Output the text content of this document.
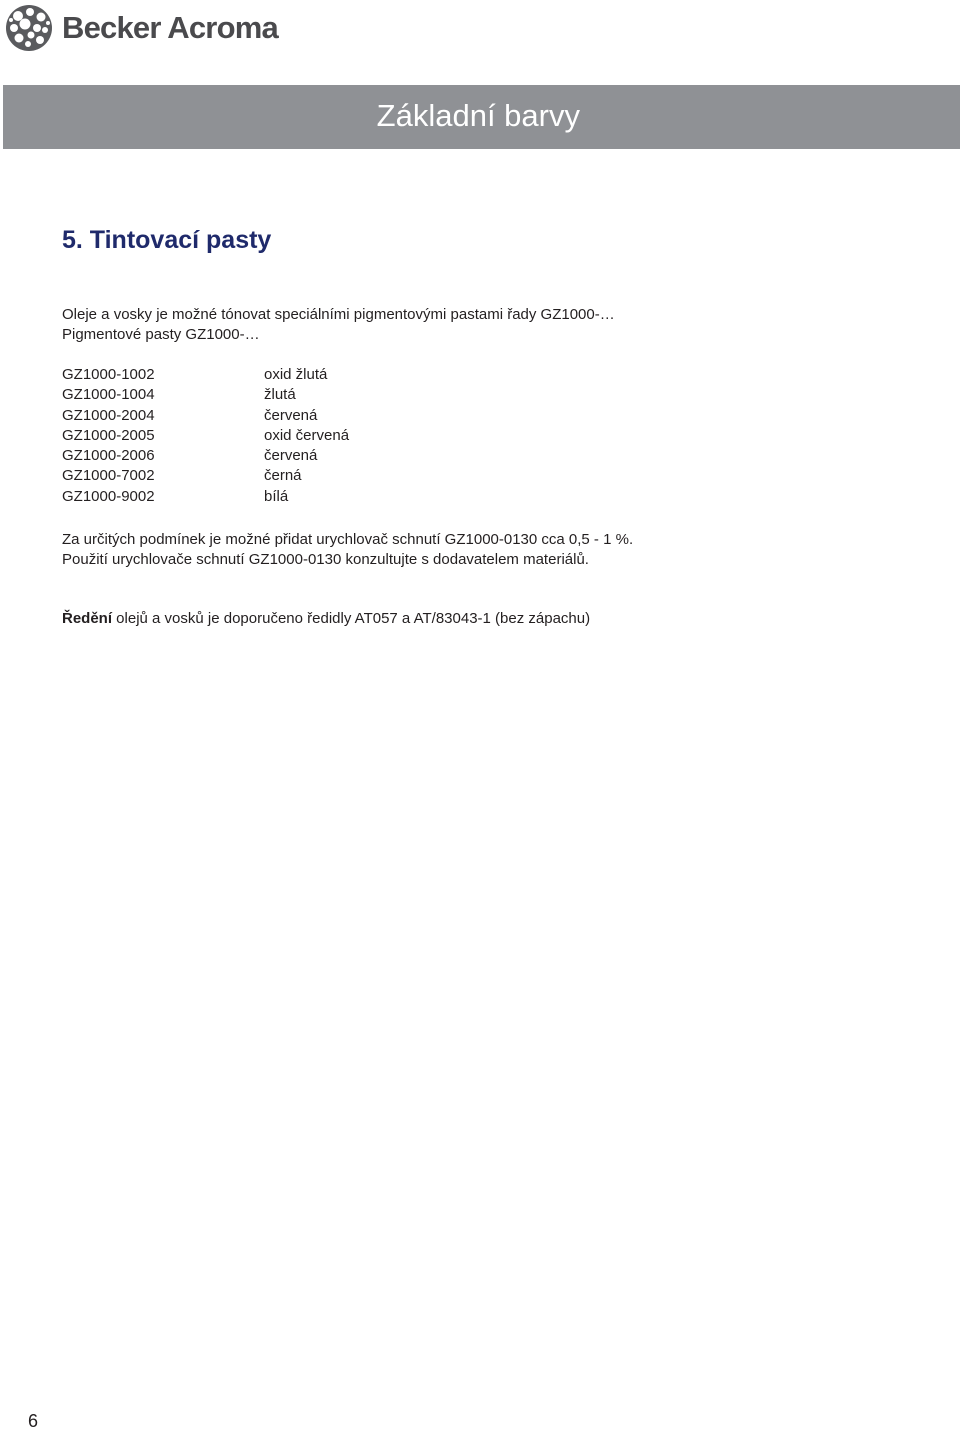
Becker Acroma
Základní barvy
5. Tintovací pasty
Oleje a vosky je možné tónovat speciálními pigmentovými pastami řady GZ1000-…
Pigmentové pasty GZ1000-…
GZ1000-1002	oxid žlutá
GZ1000-1004	žlutá
GZ1000-2004	červená
GZ1000-2005	oxid červená
GZ1000-2006	červená
GZ1000-7002	černá
GZ1000-9002	bílá
Za určitých podmínek je možné přidat urychlovač schnutí GZ1000-0130 cca 0,5 - 1 %.
Použití urychlovače schnutí GZ1000-0130 konzultujte s dodavatelem materiálů.
Ředění olejů a vosků je doporučeno ředidly AT057 a AT/83043-1 (bez zápachu)
6
